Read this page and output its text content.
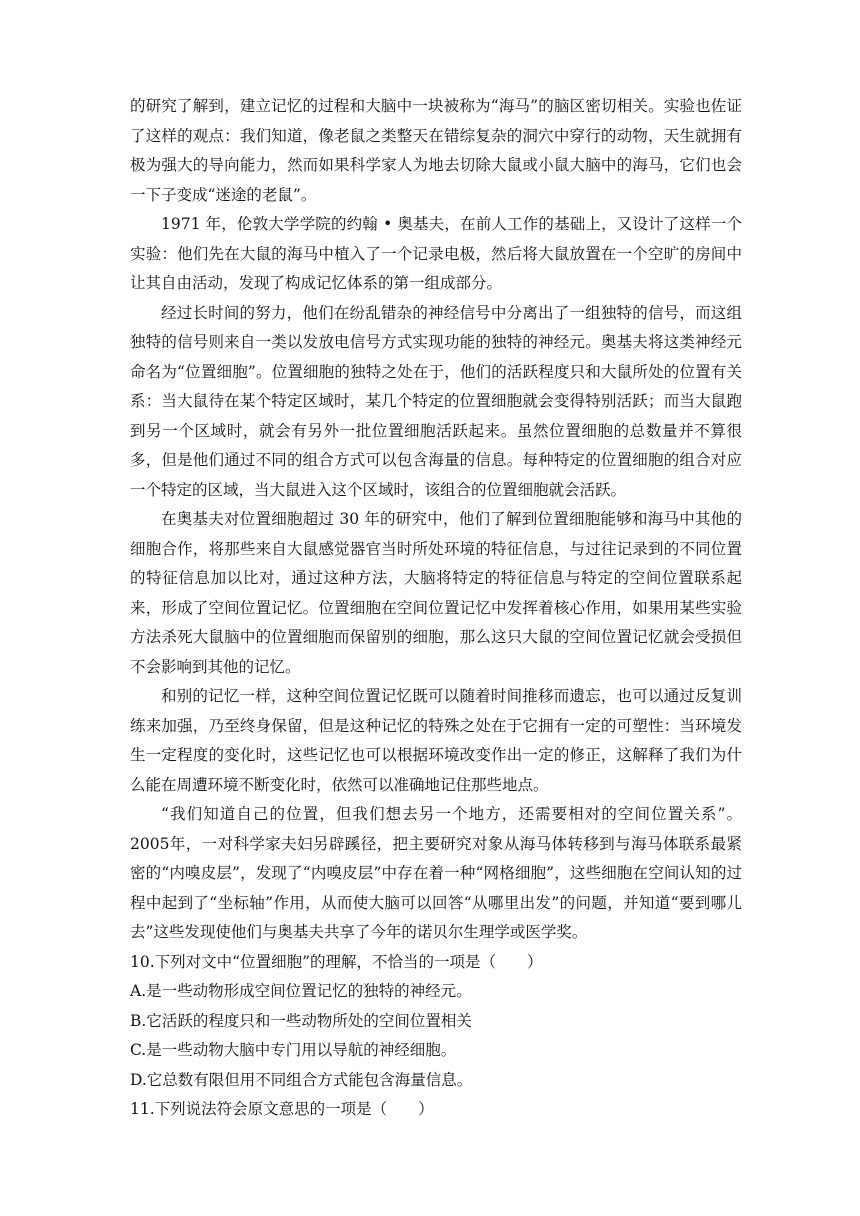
的研究了解到，建立记忆的过程和大脑中一块被称为“海马”的脑区密切相关。实验也佐证了这样的观点：我们知道，像老鼠之类整天在错综复杂的洞穴中穿行的动物，天生就拥有极为强大的导向能力，然而如果科学家人为地去切除大鼠或小鼠大脑中的海马，它们也会一下子变成“迷途的老鼠”。

1971 年，伦敦大学学院的约翰 • 奥基夫，在前人工作的基础上，又设计了这样一个实验：他们先在大鼠的海马中植入了一个记录电极，然后将大鼠放置在一个空旷的房间中让其自由活动，发现了构成记忆体系的第一组成部分。

经过长时间的努力，他们在纷乱错杂的神经信号中分离出了一组独特的信号，而这组独特的信号则来自一类以发放电信号方式实现功能的独特的神经元。奥基夫将这类神经元命名为“位置细胞”。位置细胞的独特之处在于，他们的活跃程度只和大鼠所处的位置有关系：当大鼠待在某个特定区域时，某几个特定的位置细胞就会变得特别活跃；而当大鼠跑到另一个区域时，就会有另外一批位置细胞活跃起来。虽然位置细胞的总数量并不算很多，但是他们通过不同的组合方式可以包含海量的信息。每种特定的位置细胞的组合对应一个特定的区域，当大鼠进入这个区域时，该组合的位置细胞就会活跃。

在奥基夫对位置细胞超过 30 年的研究中，他们了解到位置细胞能够和海马中其他的细胞合作，将那些来自大鼠感觉器官当时所处环境的特征信息，与过往记录到的不同位置的特征信息加以比对，通过这种方法，大脑将特定的特征信息与特定的空间位置联系起来，形成了空间位置记忆。位置细胞在空间位置记忆中发挥着核心作用，如果用某些实验方法杀死大鼠脑中的位置细胞而保留别的细胞，那么这只大鼠的空间位置记忆就会受损但不会影响到其他的记忆。

和别的记忆一样，这种空间位置记忆既可以随着时间推移而遗忘，也可以通过反复训练来加强，乃至终身保留，但是这种记忆的特殊之处在于它拥有一定的可塑性：当环境发生一定程度的变化时，这些记忆也可以根据环境改变作出一定的修正，这解释了我们为什么能在周遭环境不断变化时，依然可以准确地记住那些地点。

“我们知道自己的位置，但我们想去另一个地方，还需要相对的空间位置关系”。2005年，一对科学家夫妇另辟蹊径，把主要研究对象从海马体转移到与海马体联系最紧密的“内嗅皮层”，发现了“内嗅皮层”中存在着一种“网格细胞”，这些细胞在空间认知的过程中起到了“坐标轴”作用，从而使大脑可以回答“从哪里出发”的问题，并知道“要到哪儿去”这些发现使他们与奥基夫共享了今年的诺贝尔生理学或医学奖。

10.下列对文中“位置细胞”的理解，不恰当的一项是（　　）

A.是一些动物形成空间位置记忆的独特的神经元。

B.它活跃的程度只和一些动物所处的空间位置相关

C.是一些动物大脑中专门用以导航的神经细胞。

D.它总数有限但用不同组合方式能包含海量信息。

11.下列说法符会原文意思的一项是（　　）
